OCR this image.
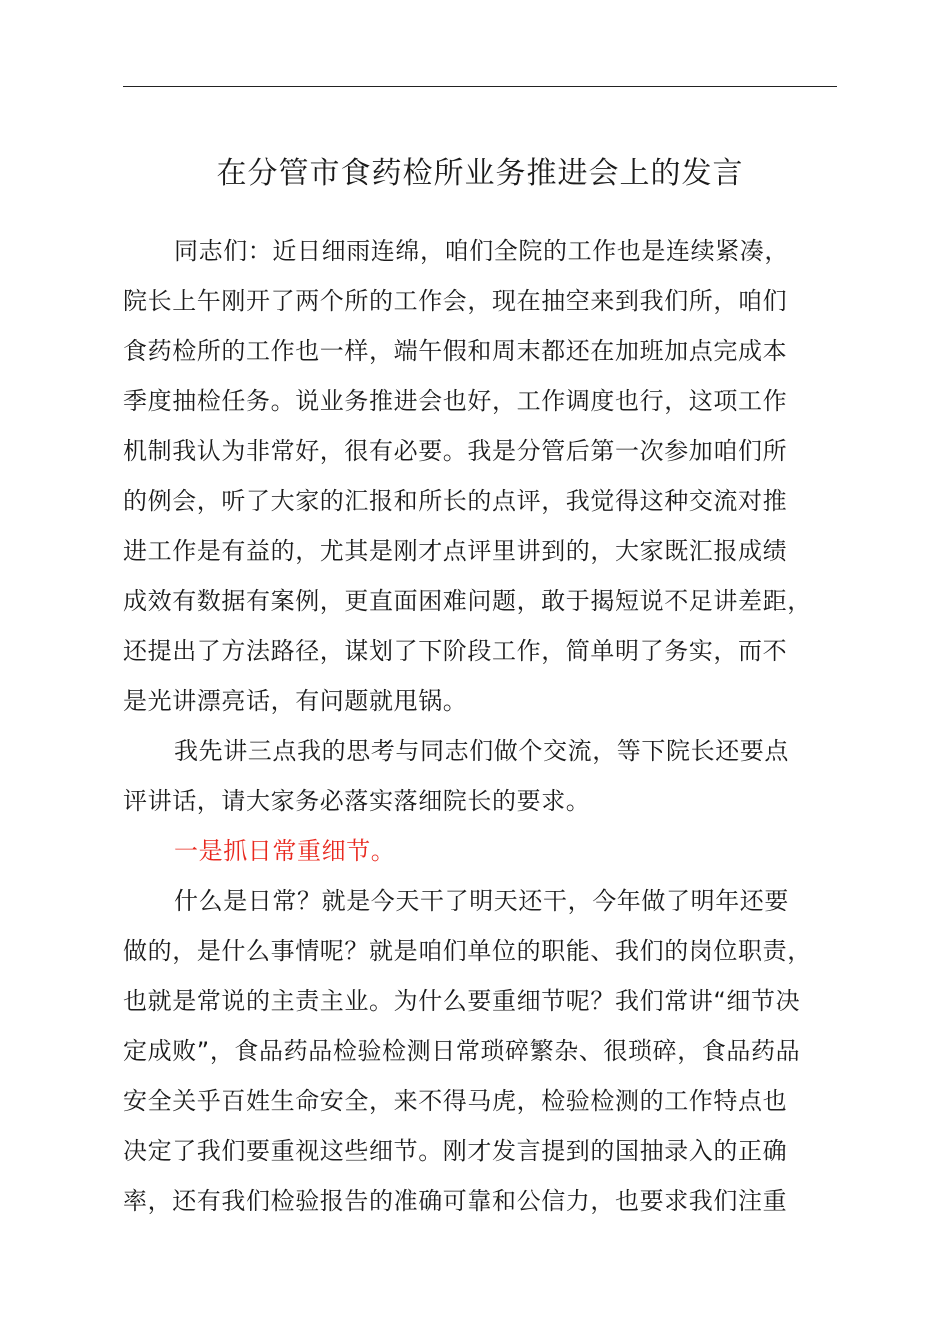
在分管市食药检所业务推进会上的发言
同志们：近日细雨连绵，咱们全院的工作也是连续紧凑，
院长上午刚开了两个所的工作会，现在抽空来到我们所，咱们
食药检所的工作也一样，端午假和周末都还在加班加点完成本
季度抽检任务。说业务推进会也好，工作调度也行，这项工作
机制我认为非常好，很有必要。我是分管后第一次参加咱们所
的例会，听了大家的汇报和所长的点评，我觉得这种交流对推
进工作是有益的，尤其是刚才点评里讲到的，大家既汇报成绩
成效有数据有案例，更直面困难问题，敢于揭短说不足讲差距，
还提出了方法路径，谋划了下阶段工作，简单明了务实，而不
是光讲漂亮话，有问题就甩锅。
我先讲三点我的思考与同志们做个交流，等下院长还要点
评讲话，请大家务必落实落细院长的要求。
一是抓日常重细节。
什么是日常？就是今天干了明天还干，今年做了明年还要
做的，是什么事情呢？就是咱们单位的职能、我们的岗位职责，
也就是常说的主责主业。为什么要重细节呢？我们常讲“细节决
定成败”，食品药品检验检测日常琐碎繁杂、很琐碎，食品药品
安全关乎百姓生命安全，来不得马虎，检验检测的工作特点也
决定了我们要重视这些细节。刚才发言提到的国抽录入的正确
率，还有我们检验报告的准确可靠和公信力，也要求我们注重
